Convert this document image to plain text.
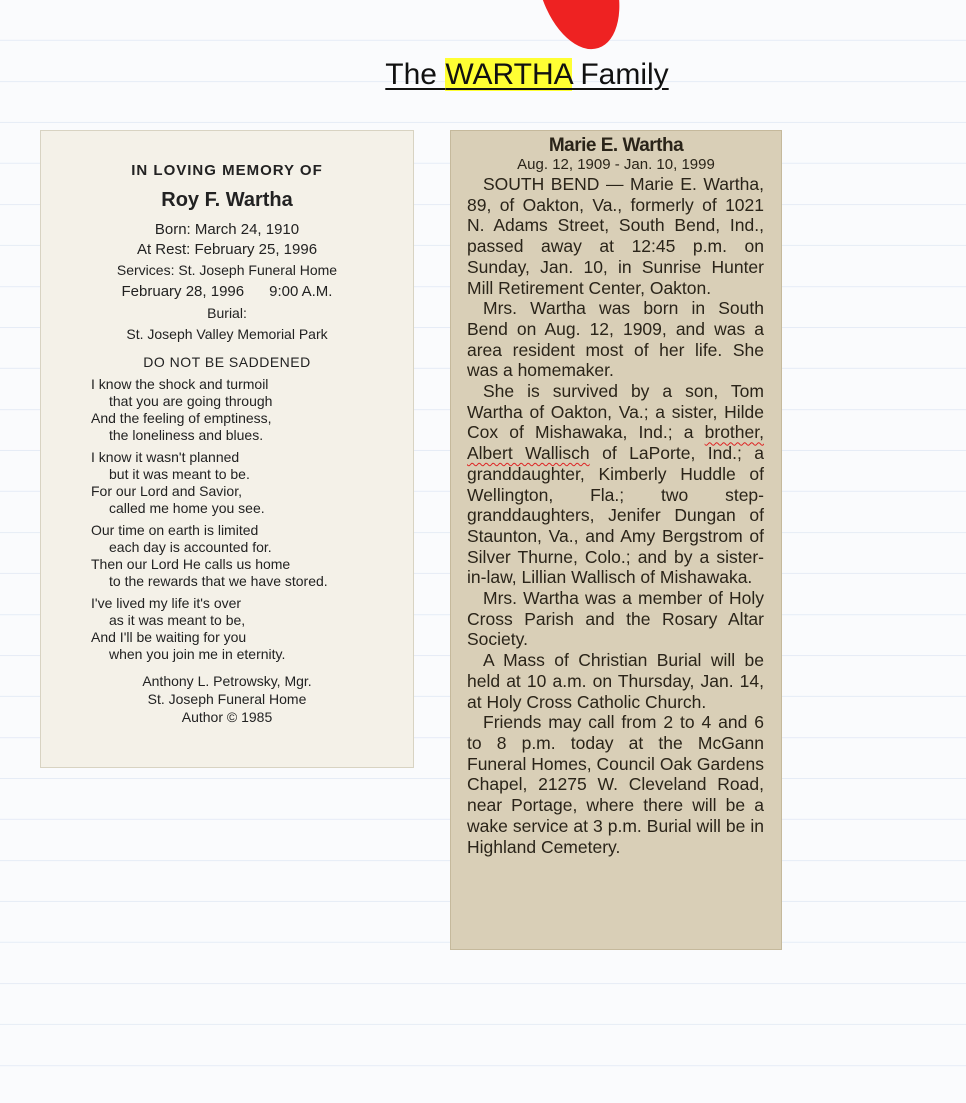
The WARTHA Family
IN LOVING MEMORY OF
Roy F. Wartha
Born: March 24, 1910
At Rest: February 25, 1996
Services: St. Joseph Funeral Home
February 28, 1996      9:00 A.M.
Burial:
St. Joseph Valley Memorial Park
DO NOT BE SADDENED
I know the shock and turmoil
that you are going through
And the feeling of emptiness,
the loneliness and blues.
I know it wasn't planned
but it was meant to be.
For our Lord and Savior,
called me home you see.
Our time on earth is limited
each day is accounted for.
Then our Lord He calls us home
to the rewards that we have stored.
I've lived my life it's over
as it was meant to be,
And I'll be waiting for you
when you join me in eternity.
Anthony L. Petrowsky, Mgr.
St. Joseph Funeral Home
Author © 1985
Marie E. Wartha
Aug. 12, 1909 - Jan. 10, 1999

SOUTH BEND — Marie E. Wartha, 89, of Oakton, Va., formerly of 1021 N. Adams Street, South Bend, Ind., passed away at 12:45 p.m. on Sunday, Jan. 10, in Sunrise Hunter Mill Retirement Center, Oakton.

Mrs. Wartha was born in South Bend on Aug. 12, 1909, and was a area resident most of her life. She was a homemaker.

She is survived by a son, Tom Wartha of Oakton, Va.; a sister, Hilde Cox of Mishawaka, Ind.; a brother, Albert Wallisch of LaPorte, Ind.; a granddaughter, Kimberly Huddle of Wellington, Fla.; two step-granddaughters, Jenifer Dungan of Staunton, Va., and Amy Bergstrom of Silver Thurne, Colo.; and by a sister-in-law, Lillian Wallisch of Mishawaka.

Mrs. Wartha was a member of Holy Cross Parish and the Rosary Altar Society.

A Mass of Christian Burial will be held at 10 a.m. on Thursday, Jan. 14, at Holy Cross Catholic Church.

Friends may call from 2 to 4 and 6 to 8 p.m. today at the McGann Funeral Homes, Council Oak Gardens Chapel, 21275 W. Cleveland Road, near Portage, where there will be a wake service at 3 p.m. Burial will be in Highland Cemetery.
